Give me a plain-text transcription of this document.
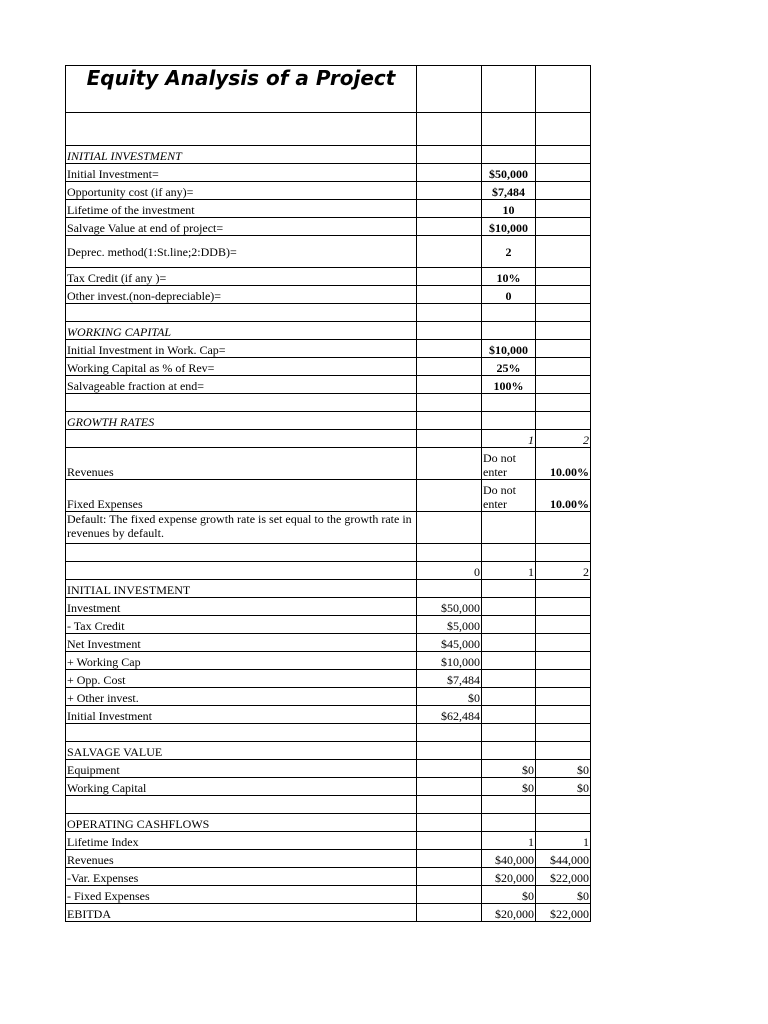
Equity Analysis of a Project			

INITIAL INVESTMENT			
Initial Investment=		$50,000	
Opportunity cost (if any)=		$7,484	
Lifetime of the investment		10	
Salvage Value at end of project=		$10,000	
Deprec. method(1:St.line;2:DDB)=		2	
Tax Credit (if any )=		10%	
Other invest.(non-depreciable)=		0	

WORKING CAPITAL			
Initial Investment in Work. Cap=		$10,000	
Working Capital as % of Rev=		25%	
Salvageable fraction at end=		100%	

GROWTH RATES			
		1	2
Revenues		Do not enter	10.00%
Fixed Expenses		Do not enter	10.00%
Default: The fixed expense growth rate is set equal to the growth rate in revenues by default.			

	0	1	2
INITIAL INVESTMENT			
Investment	$50,000		
- Tax Credit	$5,000		
Net Investment	$45,000		
+ Working Cap	$10,000		
+ Opp. Cost	$7,484		
+ Other invest.	$0		
Initial Investment	$62,484		

SALVAGE VALUE			
Equipment		$0	$0
Working Capital		$0	$0

OPERATING CASHFLOWS			
Lifetime Index		1	1
Revenues		$40,000	$44,000
-Var. Expenses		$20,000	$22,000
- Fixed Expenses		$0	$0
EBITDA		$20,000	$22,000
